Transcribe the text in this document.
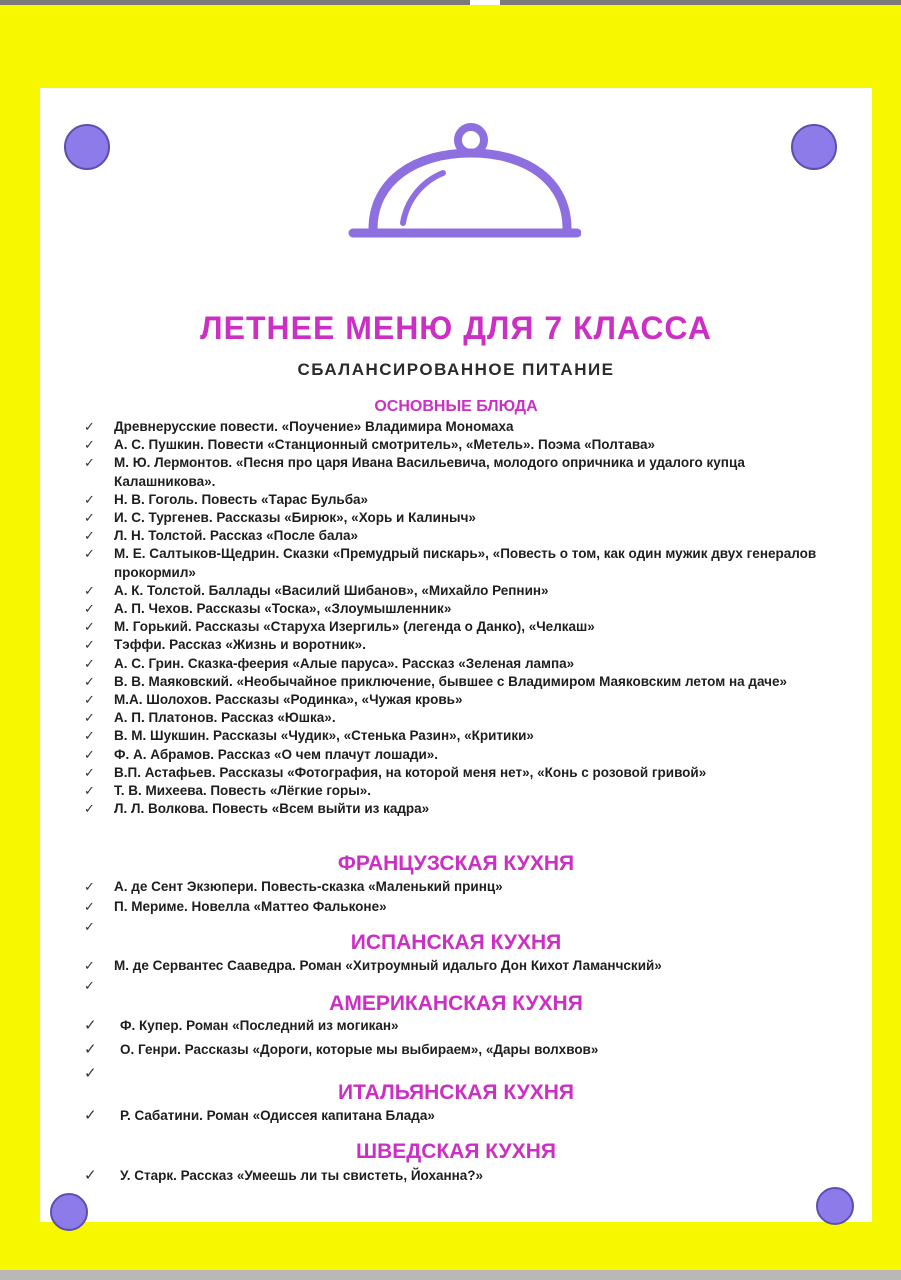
ЛЕТНЕЕ МЕНЮ ДЛЯ 7 КЛАССА
СБАЛАНСИРОВАННОЕ ПИТАНИЕ
ОСНОВНЫЕ БЛЮДА
✓ Древнерусские повести. «Поучение» Владимира Мономаха
✓ А. С. Пушкин. Повести «Станционный смотритель», «Метель». Поэма «Полтава»
✓ М. Ю. Лермонтов. «Песня про царя Ивана Васильевича, молодого опричника и удалого купца Калашникова».
✓ Н. В. Гоголь. Повесть «Тарас Бульба»
✓ И. С. Тургенев. Рассказы «Бирюк», «Хорь и Калиныч»
✓ Л. Н. Толстой. Рассказ «После бала»
✓ М. Е. Салтыков-Щедрин. Сказки «Премудрый пискарь», «Повесть о том, как один мужик двух генералов прокормил»
✓ А. К. Толстой. Баллады «Василий Шибанов», «Михайло Репнин»
✓ А. П. Чехов. Рассказы «Тоска», «Злоумышленник»
✓ М. Горький. Рассказы «Старуха Изергиль» (легенда о Данко), «Челкаш»
✓ Тэффи. Рассказ «Жизнь и воротник».
✓ А. С. Грин. Сказка-феерия «Алые паруса». Рассказ «Зеленая лампа»
✓ В. В. Маяковский. «Необычайное приключение, бывшее с Владимиром Маяковским летом на даче»
✓ М.А. Шолохов. Рассказы «Родинка», «Чужая кровь»
✓ А. П. Платонов. Рассказ «Юшка».
✓ В. М. Шукшин. Рассказы «Чудик», «Стенька Разин», «Критики»
✓ Ф. А. Абрамов. Рассказ «О чем плачут лошади».
✓ В.П. Астафьев. Рассказы «Фотография, на которой меня нет», «Конь с розовой гривой»
✓ Т. В. Михеева. Повесть «Лёгкие горы».
✓ Л. Л. Волкова. Повесть «Всем выйти из кадра»
ФРАНЦУЗСКАЯ КУХНЯ
✓ А. де Сент Экзюпери. Повесть-сказка «Маленький принц»
✓ П. Мериме. Новелла «Маттео Фальконе»
✓
ИСПАНСКАЯ КУХНЯ
✓ М. де Сервантес Сааведра. Роман «Хитроумный идальго Дон Кихот Ламанчский»
✓
АМЕРИКАНСКАЯ КУХНЯ
✓ Ф. Купер. Роман «Последний из могикан»
✓ О. Генри. Рассказы «Дороги, которые мы выбираем», «Дары волхвов»
✓
ИТАЛЬЯНСКАЯ КУХНЯ
✓ Р. Сабатини. Роман «Одиссея капитана Блада»
ШВЕДСКАЯ КУХНЯ
✓ У. Старк. Рассказ «Умеешь ли ты свистеть, Йоханна?»
